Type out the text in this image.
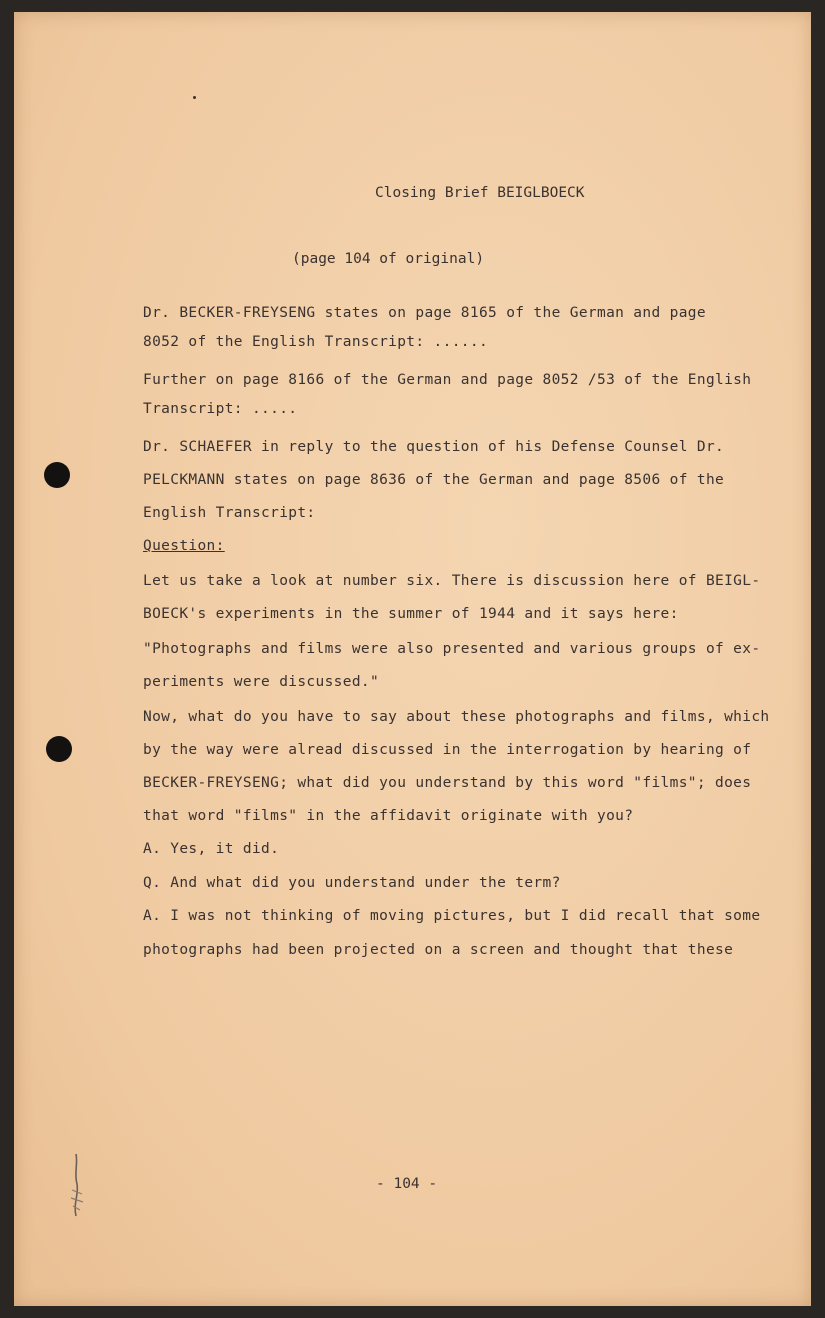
Closing Brief BEIGLBOECK
(page 104 of original)
Dr. BECKER-FREYSENG states on page 8165 of the German and page
8052 of the English Transcript: ......
Further on page 8166 of the German and page 8052 /53 of the English
Transcript: .....
Dr. SCHAEFER in reply to the question of his Defense Counsel Dr.
PELCKMANN states on page 8636 of the German and page 8506 of the
English Transcript:
Question:
Let us take a look at number six. There is discussion here of BEIGL-
BOECK's experiments in the summer of 1944 and it says here:
"Photographs and films were also presented and various groups of ex-
periments were discussed."
Now, what do you have to say about these photographs and films, which
by the way were alread discussed in the interrogation by hearing of
BECKER-FREYSENG; what did you understand by this word "films"; does
that word "films" in the affidavit originate with you?
A. Yes, it did.
Q. And what did you understand under the term?
A. I was not thinking of moving pictures, but I did recall that some
photographs had been projected on a screen and thought that these
- 104 -
